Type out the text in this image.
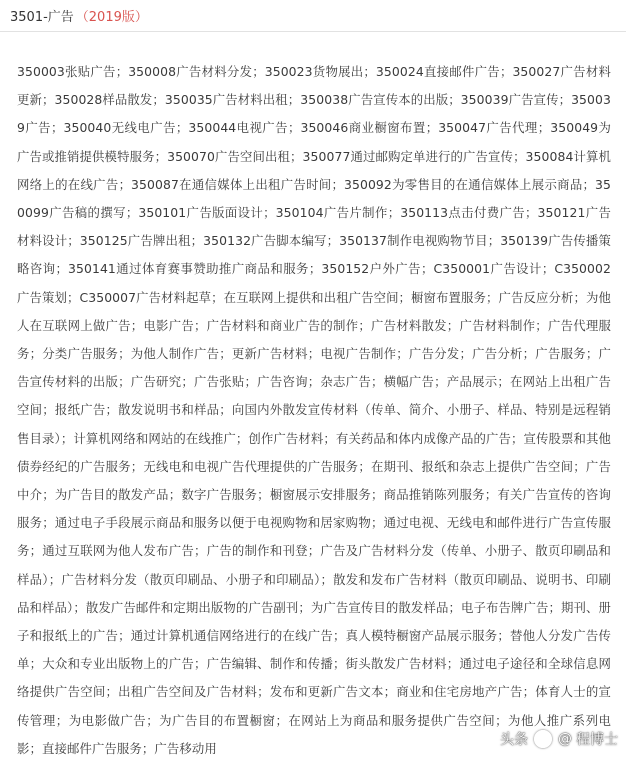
3501-广告 （2019版）
350003张贴广告；350008广告材料分发；350023货物展出；350024直接邮件广告；350027广告材料更新；350028样品散发；350035广告材料出租；350038广告宣传本的出版；350039广告宣传；350039广告；350040无线电广告；350044电视广告；350046商业橱窗布置；350047广告代理；350049为广告或推销提供模特服务；350070广告空间出租；350077通过邮购定单进行的广告宣传；350084计算机网络上的在线广告；350087在通信媒体上出租广告时间；350092为零售目的在通信媒体上展示商品；350099广告稿的撰写；350101广告版面设计；350104广告片制作；350113点击付费广告；350121广告材料设计；350125广告牌出租；350132广告脚本编写；350137制作电视购物节目；350139广告传播策略咨询；350141通过体育赛事赞助推广商品和服务；350152户外广告；C350001广告设计；C350002广告策划；C350007广告材料起草；在互联网上提供和出租广告空间；橱窗布置服务；广告反应分析；为他人在互联网上做广告；电影广告；广告材料和商业广告的制作；广告材料散发；广告材料制作；广告代理服务；分类广告服务；为他人制作广告；更新广告材料；电视广告制作；广告分发；广告分析；广告服务；广告宣传材料的出版；广告研究；广告张贴；广告咨询；杂志广告；横幅广告；产品展示；在网站上出租广告空间；报纸广告；散发说明书和样品；向国内外散发宣传材料（传单、简介、小册子、样品、特别是远程销售目录）；计算机网络和网站的在线推广；创作广告材料；有关药品和体内成像产品的广告；宣传股票和其他债券经纪的广告服务；无线电和电视广告代理提供的广告服务；在期刊、报纸和杂志上提供广告空间；广告中介；为广告目的散发产品；数字广告服务；橱窗展示安排服务；商品推销陈列服务；有关广告宣传的咨询服务；通过电子手段展示商品和服务以便于电视购物和居家购物；通过电视、无线电和邮件进行广告宣传服务；通过互联网为他人发布广告；广告的制作和刊登；广告及广告材料分发（传单、小册子、散页印刷品和样品）；广告材料分发（散页印刷品、小册子和印刷品）；散发和发布广告材料（散页印刷品、说明书、印刷品和样品）；散发广告邮件和定期出版物的广告副刊；为广告宣传目的散发样品；电子布告牌广告；期刊、册子和报纸上的广告；通过计算机通信网络进行的在线广告；真人模特橱窗产品展示服务；替他人分发广告传单；大众和专业出版物上的广告；广告编辑、制作和传播；街头散发广告材料；通过电子途径和全球信息网络提供广告空间；出租广告空间及广告材料；发布和更新广告文本；商业和住宅房地产广告；体育人士的宣传管理；为电影做广告；为广告目的布置橱窗；在网站上为商品和服务提供广告空间；为他人推广系列电影；直接邮件广告服务；广告移动用
头条 @ 程博士
